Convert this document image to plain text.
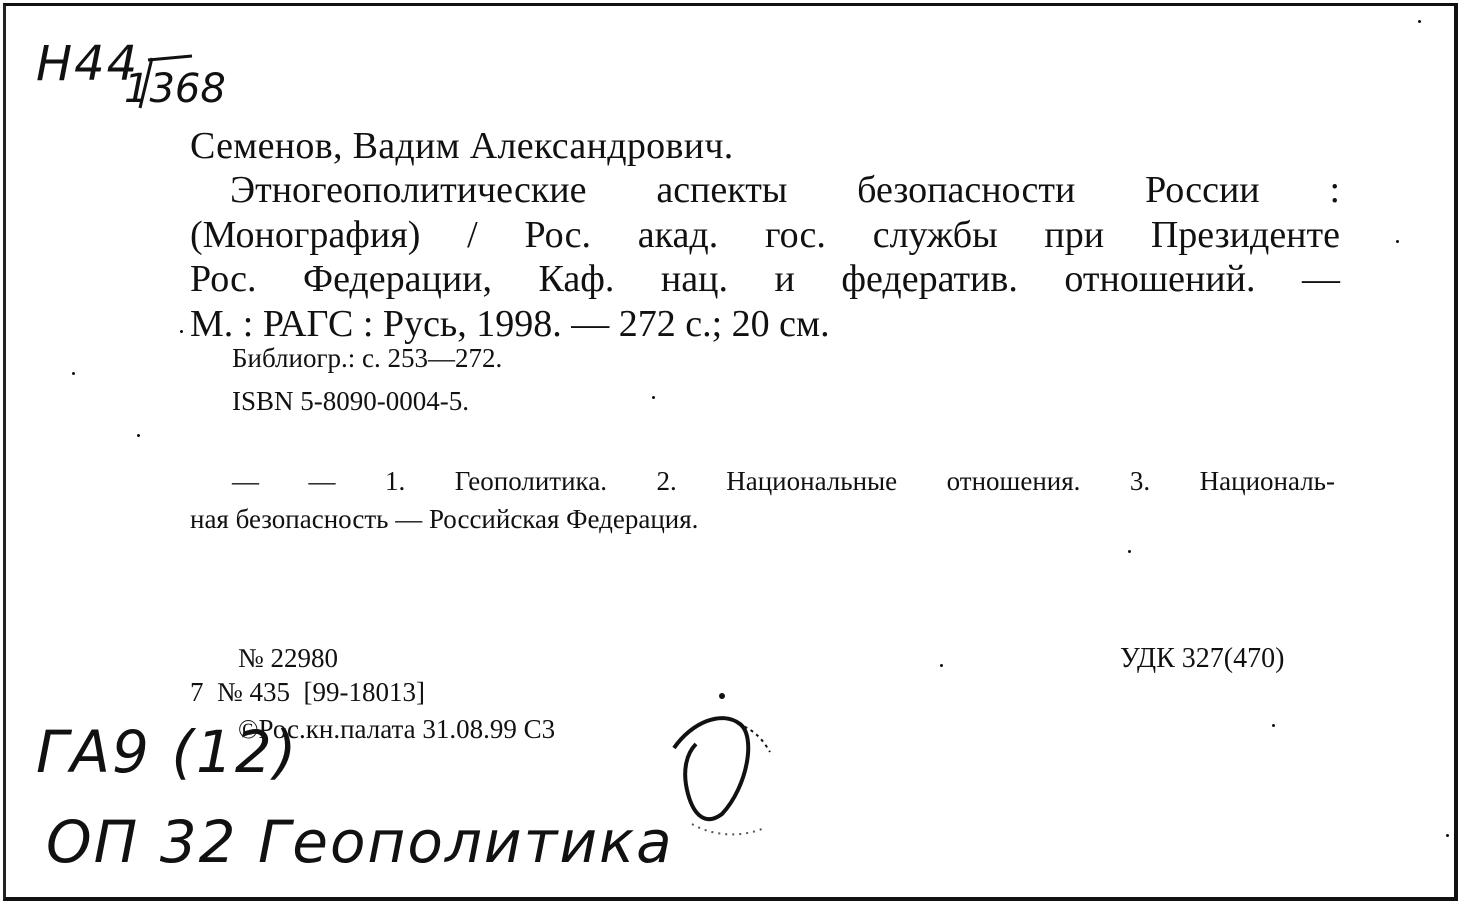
Н44
1368
Семенов, Вадим Александрович.

Этногеополитические аспекты безопасности России :

(Монография) / Рос. акад. гос. службы при Президенте

Рос. Федерации, Каф. нац. и федератив. отношений. —

М. : РАГС : Русь, 1998. — 272 с.; 20 см.

Библиогр.: с. 253—272.
ISBN 5-8090-0004-5.
— — 1. Геополитика. 2. Национальные отношения. 3. Националь-
ная безопасность — Российская Федерация.
№ 22980	УДК 327(470)
7  № 435  [99-18013]
©Рос.кн.палата 31.08.99 С3
ГА9 (12)
ОП 32 Геополитика
